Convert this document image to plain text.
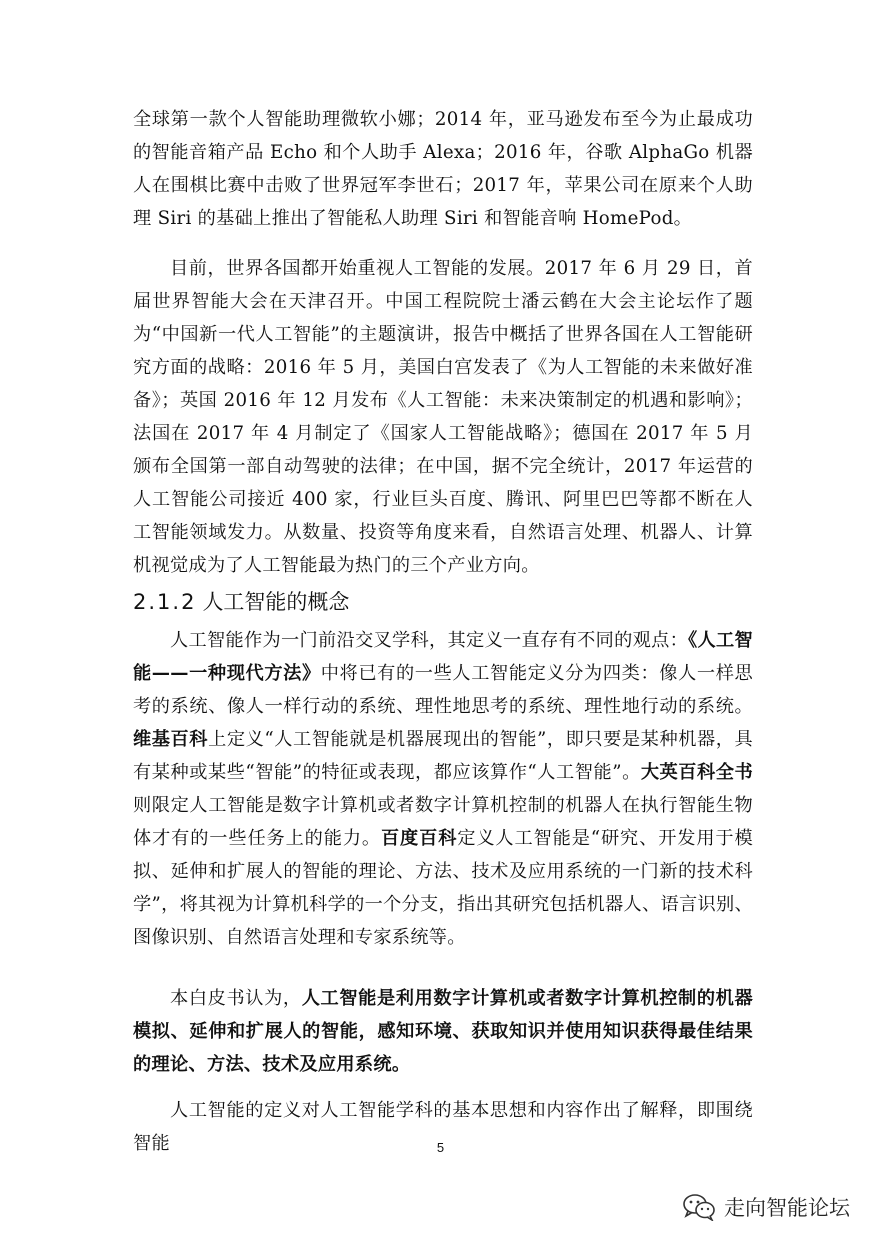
全球第一款个人智能助理微软小娜；2014 年，亚马逊发布至今为止最成功的智能音箱产品 Echo 和个人助手 Alexa；2016 年，谷歌 AlphaGo 机器人在围棋比赛中击败了世界冠军李世石；2017 年，苹果公司在原来个人助理 Siri 的基础上推出了智能私人助理 Siri 和智能音响 HomePod。

目前，世界各国都开始重视人工智能的发展。2017 年 6 月 29 日，首届世界智能大会在天津召开。中国工程院院士潘云鹤在大会主论坛作了题为“中国新一代人工智能”的主题演讲，报告中概括了世界各国在人工智能研究方面的战略：2016 年 5 月，美国白宫发表了《为人工智能的未来做好准备》；英国 2016 年 12 月发布《人工智能：未来决策制定的机遇和影响》；法国在 2017 年 4 月制定了《国家人工智能战略》；德国在 2017 年 5 月颁布全国第一部自动驾驶的法律；在中国，据不完全统计，2017 年运营的人工智能公司接近 400 家，行业巨头百度、腾讯、阿里巴巴等都不断在人工智能领域发力。从数量、投资等角度来看，自然语言处理、机器人、计算机视觉成为了人工智能最为热门的三个产业方向。

2.1.2 人工智能的概念

人工智能作为一门前沿交叉学科，其定义一直存有不同的观点：《人工智能——一种现代方法》中将已有的一些人工智能定义分为四类：像人一样思考的系统、像人一样行动的系统、理性地思考的系统、理性地行动的系统。维基百科上定义“人工智能就是机器展现出的智能”，即只要是某种机器，具有某种或某些“智能”的特征或表现，都应该算作“人工智能”。大英百科全书则限定人工智能是数字计算机或者数字计算机控制的机器人在执行智能生物体才有的一些任务上的能力。百度百科定义人工智能是“研究、开发用于模拟、延伸和扩展人的智能的理论、方法、技术及应用系统的一门新的技术科学”，将其视为计算机科学的一个分支，指出其研究包括机器人、语言识别、图像识别、自然语言处理和专家系统等。

本白皮书认为，人工智能是利用数字计算机或者数字计算机控制的机器模拟、延伸和扩展人的智能，感知环境、获取知识并使用知识获得最佳结果的理论、方法、技术及应用系统。

人工智能的定义对人工智能学科的基本思想和内容作出了解释，即围绕智能	5
走向智能论坛
